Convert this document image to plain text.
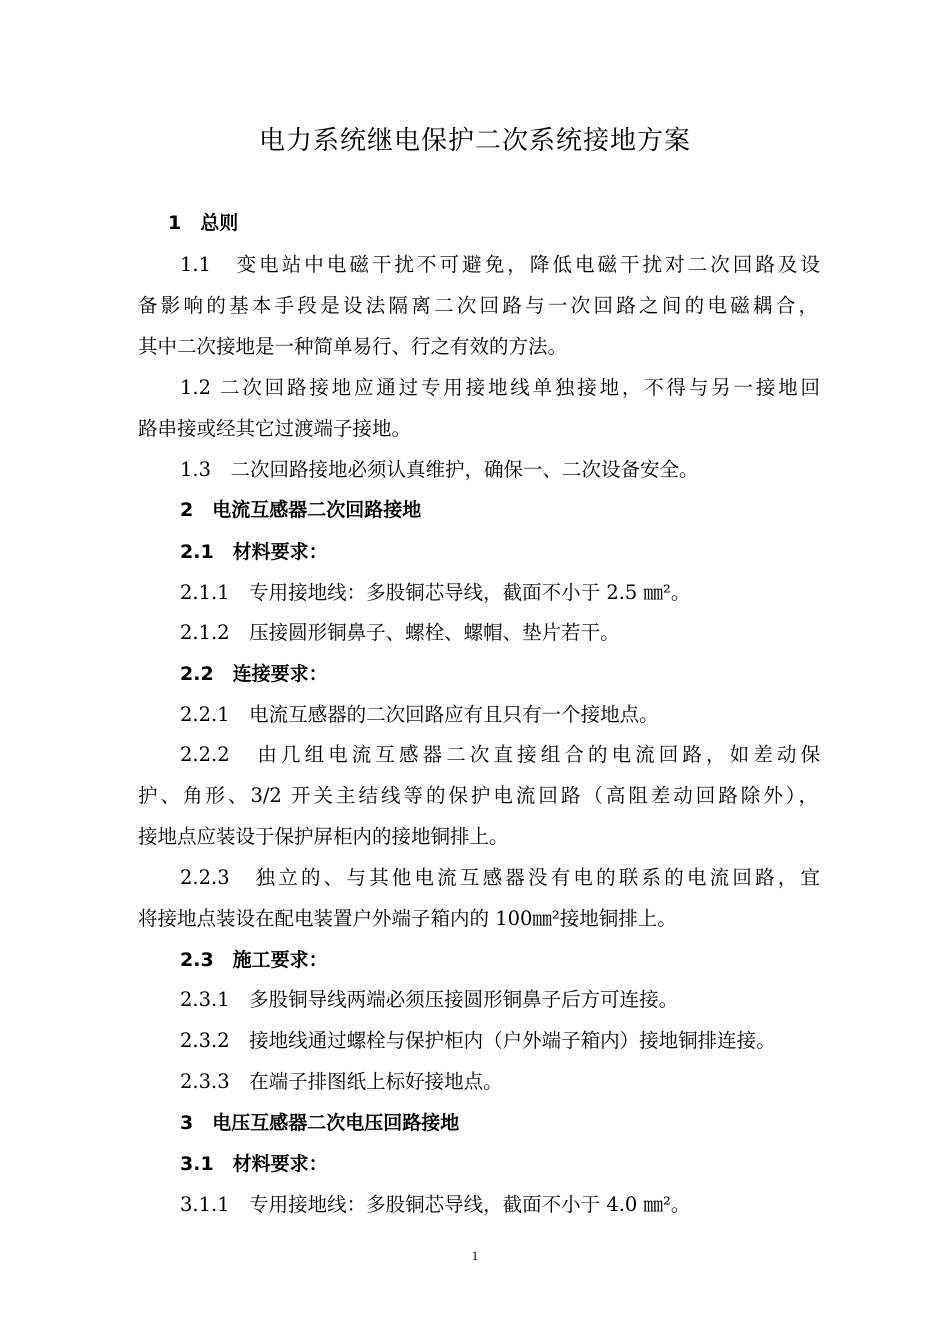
电力系统继电保护二次系统接地方案
1　总则
1.1　变电站中电磁干扰不可避免，降低电磁干扰对二次回路及设
备影响的基本手段是设法隔离二次回路与一次回路之间的电磁耦合，
其中二次接地是一种简单易行、行之有效的方法。
1.2 二次回路接地应通过专用接地线单独接地，不得与另一接地回
路串接或经其它过渡端子接地。
1.3　二次回路接地必须认真维护，确保一、二次设备安全。
2　电流互感器二次回路接地
2.1　材料要求：
2.1.1　专用接地线：多股铜芯导线，截面不小于 2.5 ㎜²。
2.1.2　压接圆形铜鼻子、螺栓、螺帽、垫片若干。
2.2　连接要求：
2.2.1　电流互感器的二次回路应有且只有一个接地点。
2.2.2　由几组电流互感器二次直接组合的电流回路，如差动保
护、角形、3/2 开关主结线等的保护电流回路（高阻差动回路除外），
接地点应装设于保护屏柜内的接地铜排上。
2.2.3　独立的、与其他电流互感器没有电的联系的电流回路，宜
将接地点装设在配电装置户外端子箱内的 100㎜²接地铜排上。
2.3　施工要求：
2.3.1　多股铜导线两端必须压接圆形铜鼻子后方可连接。
2.3.2　接地线通过螺栓与保护柜内（户外端子箱内）接地铜排连接。
2.3.3　在端子排图纸上标好接地点。
3　电压互感器二次电压回路接地
3.1　材料要求：
3.1.1　专用接地线：多股铜芯导线，截面不小于 4.0 ㎜²。
1
